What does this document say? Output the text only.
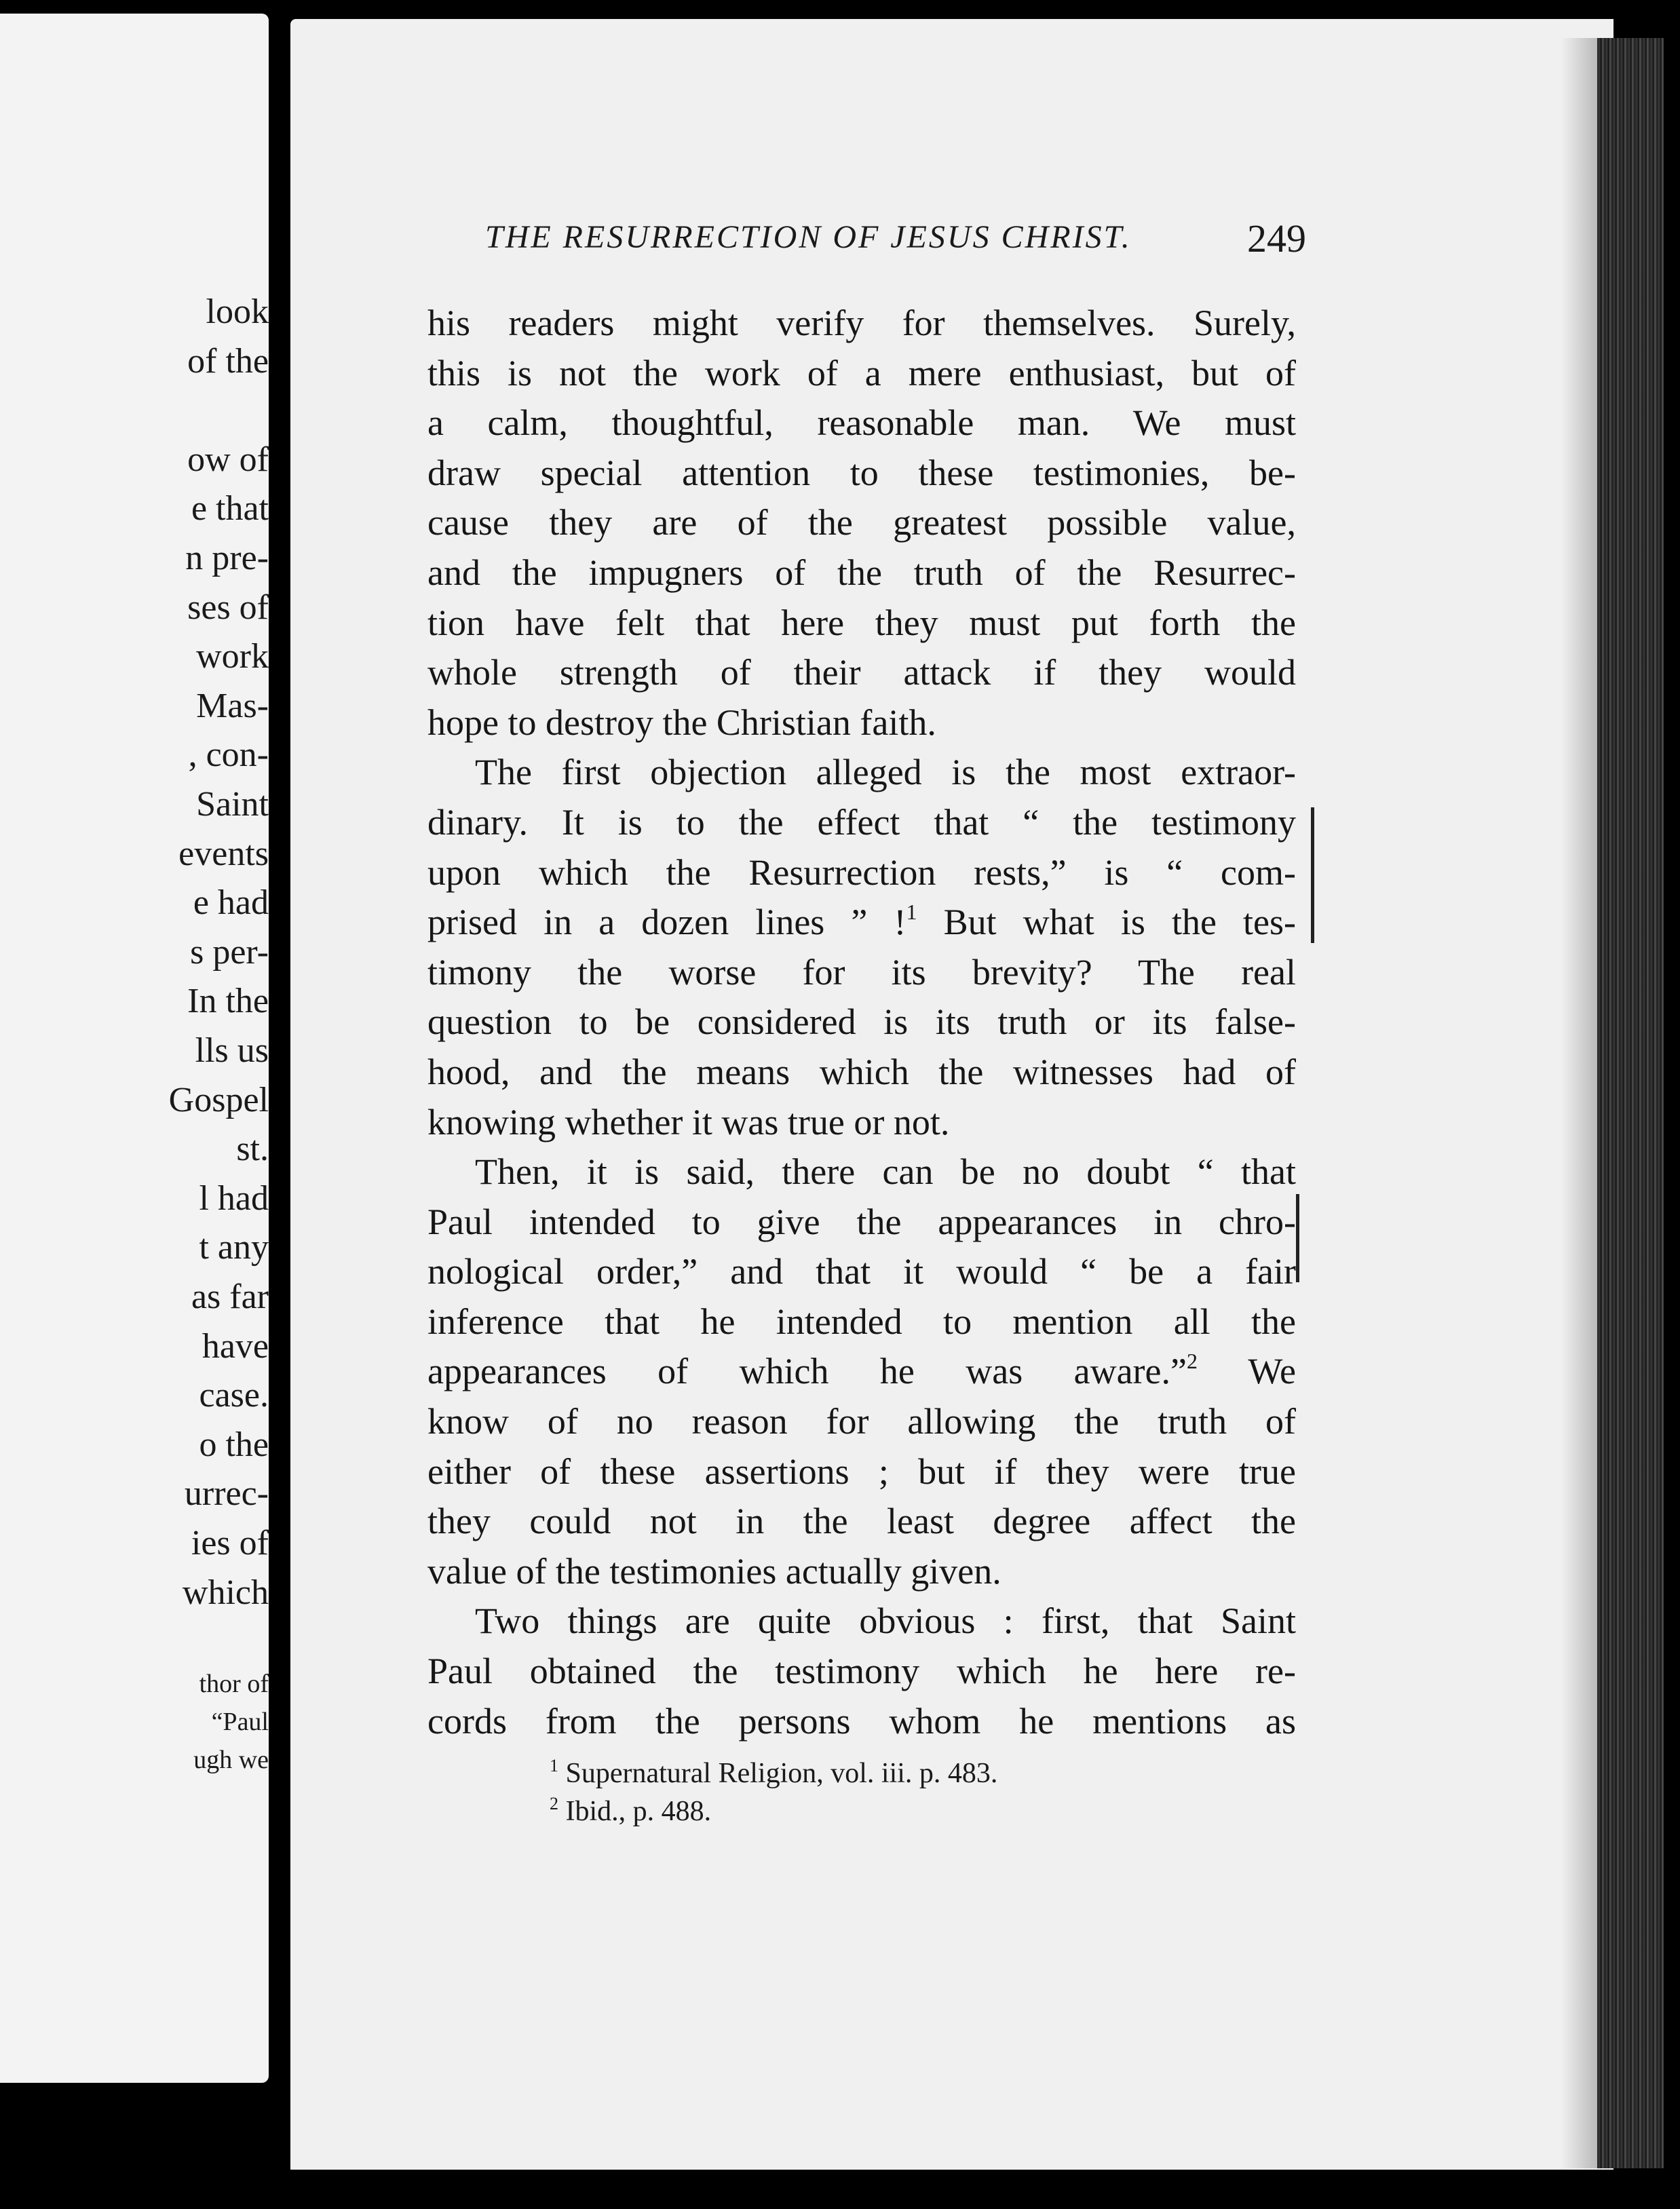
look
of the
ow of
e that
n pre-
ses of
work
Mas-
, con-
Saint
events
e had
s per-
In the
lls us
Gospel
st.
l had
t any
as far
have
case.
o the
urrec-
ies of
which
thor of
“Paul
ugh we
THE RESURRECTION OF JESUS CHRIST.	249
his readers might verify for themselves. Surely,
this is not the work of a mere enthusiast, but of
a calm, thoughtful, reasonable man. We must
draw special attention to these testimonies, be-
cause they are of the greatest possible value,
and the impugners of the truth of the Resurrec-
tion have felt that here they must put forth the
whole strength of their attack if they would
hope to destroy the Christian faith.
The first objection alleged is the most extraor-
dinary. It is to the effect that “ the testimony
upon which the Resurrection rests,” is “ com-
prised in a dozen lines ” !$^1$ But what is the tes-
timony the worse for its brevity? The real
question to be considered is its truth or its false-
hood, and the means which the witnesses had of
knowing whether it was true or not.
Then, it is said, there can be no doubt “ that
Paul intended to give the appearances in chro-
nological order,” and that it would “ be a fair
inference that he intended to mention all the
appearances of which he was aware.”$^2$ We
know of no reason for allowing the truth of
either of these assertions ; but if they were true
they could not in the least degree affect the
value of the testimonies actually given.
Two things are quite obvious : first, that Saint
Paul obtained the testimony which he here re-
cords from the persons whom he mentions as
$^1$ Supernatural Religion, vol. iii. p. 483.
$^2$ Ibid., p. 488.
